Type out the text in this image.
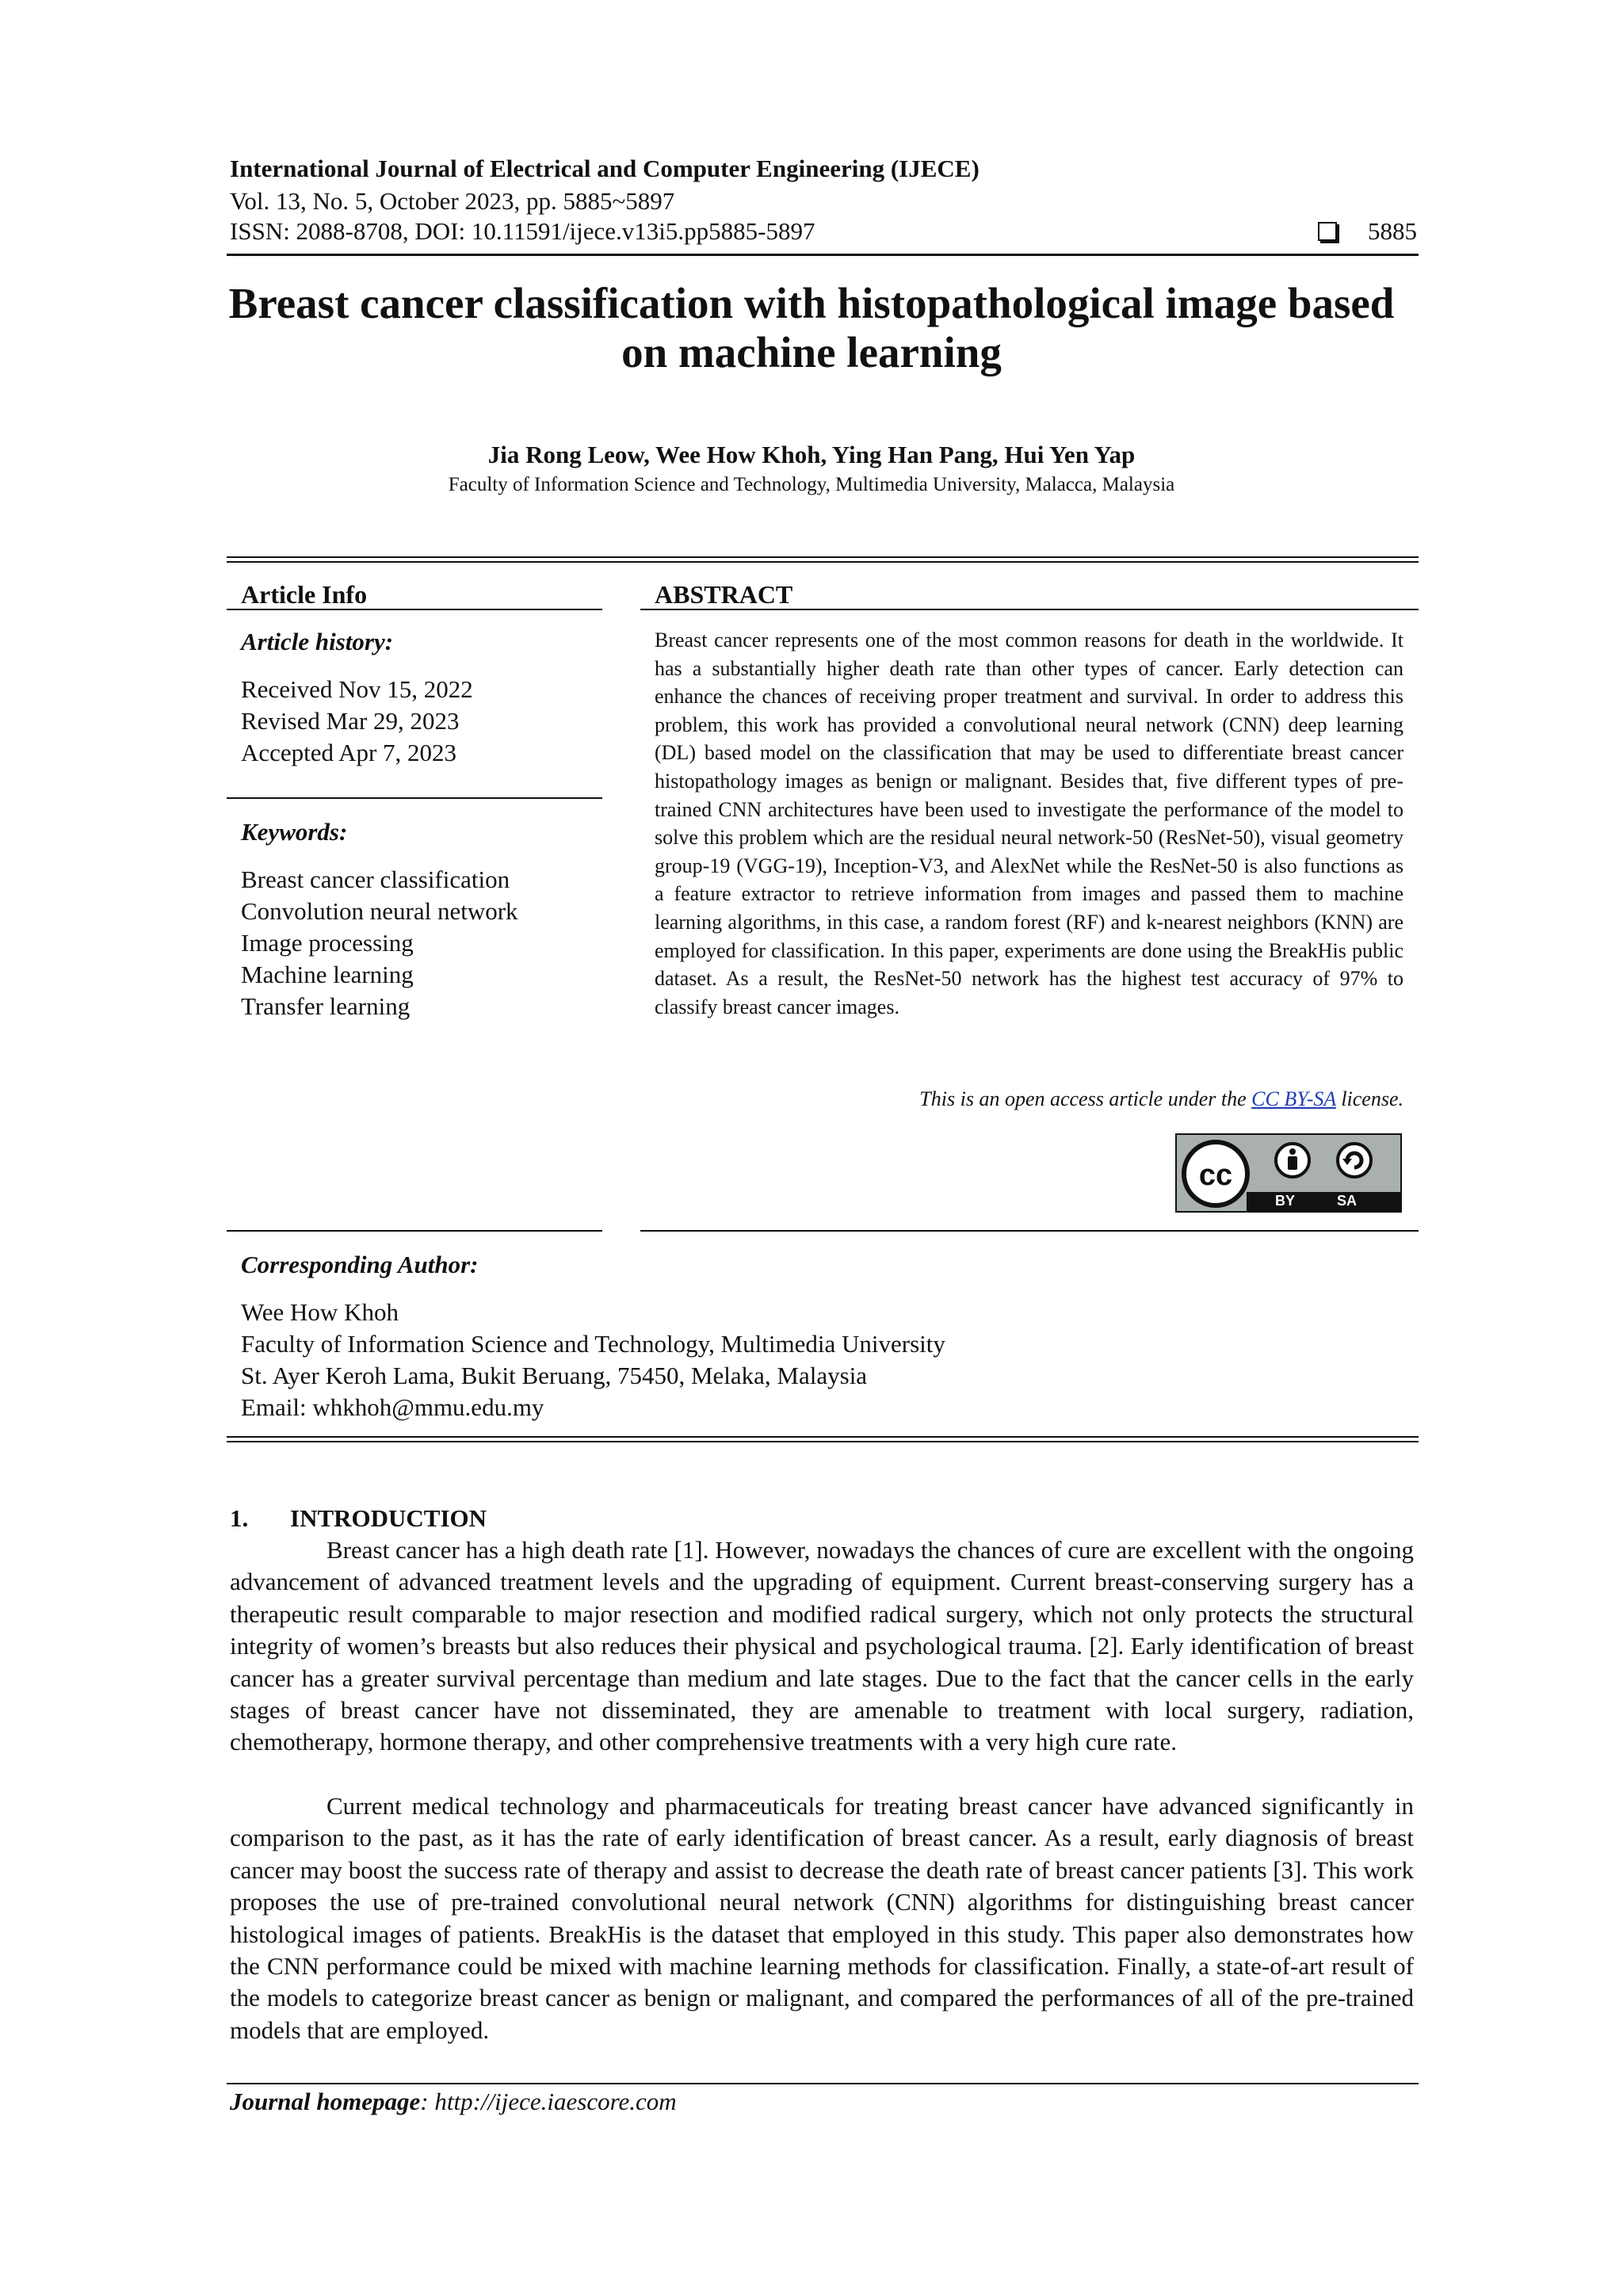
International Journal of Electrical and Computer Engineering (IJECE)
Vol. 13, No. 5, October 2023, pp. 5885~5897
ISSN: 2088-8708, DOI: 10.11591/ijece.v13i5.pp5885-5897	5885
Breast cancer classification with histopathological image based
on machine learning
Jia Rong Leow, Wee How Khoh, Ying Han Pang, Hui Yen Yap
Faculty of Information Science and Technology, Multimedia University, Malacca, Malaysia
Article Info
Article history:
Received Nov 15, 2022
Revised Mar 29, 2023
Accepted Apr 7, 2023
Keywords:
Breast cancer classification
Convolution neural network
Image processing
Machine learning
Transfer learning
ABSTRACT
Breast cancer represents one of the most common reasons for death in the worldwide. It has a substantially higher death rate than other types of cancer. Early detection can enhance the chances of receiving proper treatment and survival. In order to address this problem, this work has provided a convolutional neural network (CNN) deep learning (DL) based model on the classification that may be used to differentiate breast cancer histopathology images as benign or malignant. Besides that, five different types of pre-trained CNN architectures have been used to investigate the performance of the model to solve this problem which are the residual neural network-50 (ResNet-50), visual geometry group-19 (VGG-19), Inception-V3, and AlexNet while the ResNet-50 is also functions as a feature extractor to retrieve information from images and passed them to machine learning algorithms, in this case, a random forest (RF) and k-nearest neighbors (KNN) are employed for classification. In this paper, experiments are done using the BreakHis public dataset. As a result, the ResNet-50 network has the highest test accuracy of 97% to classify breast cancer images.
This is an open access article under the CC BY-SA license.
cc
BY	SA
Corresponding Author:
Wee How Khoh
Faculty of Information Science and Technology, Multimedia University
St. Ayer Keroh Lama, Bukit Beruang, 75450, Melaka, Malaysia
Email: whkhoh@mmu.edu.my
1. INTRODUCTION
Breast cancer has a high death rate [1]. However, nowadays the chances of cure are excellent with the ongoing advancement of advanced treatment levels and the upgrading of equipment. Current breast-conserving surgery has a therapeutic result comparable to major resection and modified radical surgery, which not only protects the structural integrity of women’s breasts but also reduces their physical and psychological trauma. [2]. Early identification of breast cancer has a greater survival percentage than medium and late stages. Due to the fact that the cancer cells in the early stages of breast cancer have not disseminated, they are amenable to treatment with local surgery, radiation, chemotherapy, hormone therapy, and other comprehensive treatments with a very high cure rate.
Current medical technology and pharmaceuticals for treating breast cancer have advanced significantly in comparison to the past, as it has the rate of early identification of breast cancer. As a result, early diagnosis of breast cancer may boost the success rate of therapy and assist to decrease the death rate of breast cancer patients [3]. This work proposes the use of pre-trained convolutional neural network (CNN) algorithms for distinguishing breast cancer histological images of patients. BreakHis is the dataset that employed in this study. This paper also demonstrates how the CNN performance could be mixed with machine learning methods for classification. Finally, a state-of-art result of the models to categorize breast cancer as benign or malignant, and compared the performances of all of the pre-trained models that are employed.
Journal homepage: http://ijece.iaescore.com
